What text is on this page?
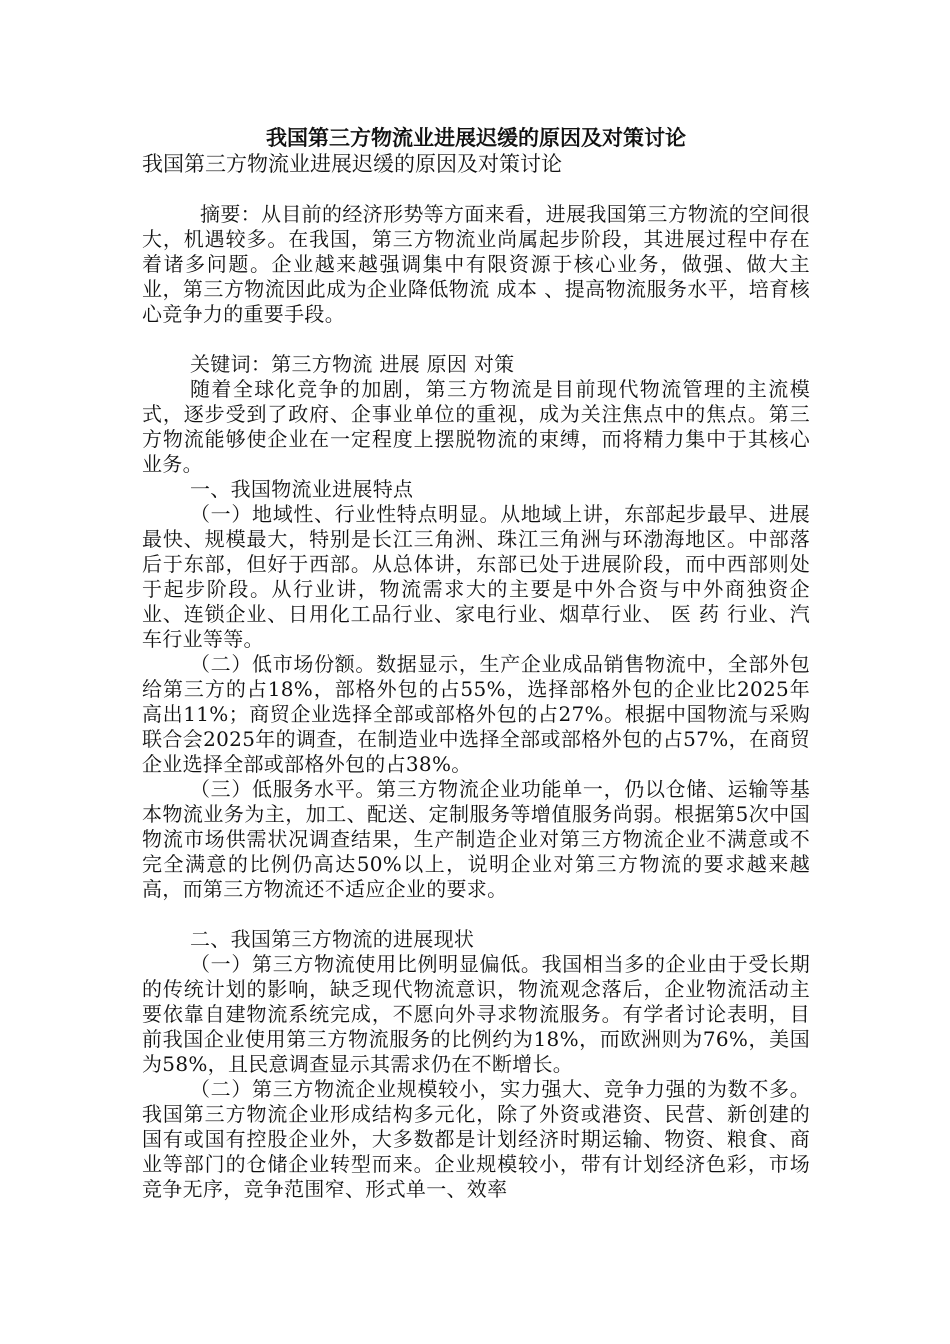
我国第三方物流业进展迟缓的原因及对策讨论
我国第三方物流业进展迟缓的原因及对策讨论

摘要：从目前的经济形势等方面来看，进展我国第三方物流的空间很大，机遇较多。在我国，第三方物流业尚属起步阶段，其进展过程中存在着诸多问题。企业越来越强调集中有限资源于核心业务，做强、做大主业，第三方物流因此成为企业降低物流 成本 、提高物流服务水平，培育核心竞争力的重要手段。

关键词：第三方物流 进展 原因 对策

随着全球化竞争的加剧，第三方物流是目前现代物流管理的主流模式，逐步受到了政府、企事业单位的重视，成为关注焦点中的焦点。第三方物流能够使企业在一定程度上摆脱物流的束缚，而将精力集中于其核心业务。

一、我国物流业进展特点

（一）地域性、行业性特点明显。从地域上讲，东部起步最早、进展最快、规模最大，特别是长江三角洲、珠江三角洲与环渤海地区。中部落后于东部，但好于西部。从总体讲，东部已处于进展阶段，而中西部则处于起步阶段。从行业讲，物流需求大的主要是中外合资与中外商独资企业、连锁企业、日用化工品行业、家电行业、烟草行业、 医 药 行业、汽车行业等等。

（二）低市场份额。数据显示，生产企业成品销售物流中，全部外包给第三方的占18%，部格外包的占55%，选择部格外包的企业比2025年高出11%；商贸企业选择全部或部格外包的占27%。根据中国物流与采购联合会2025年的调查，在制造业中选择全部或部格外包的占57%，在商贸企业选择全部或部格外包的占38%。

（三）低服务水平。第三方物流企业功能单一，仍以仓储、运输等基本物流业务为主，加工、配送、定制服务等增值服务尚弱。根据第5次中国物流市场供需状况调查结果，生产制造企业对第三方物流企业不满意或不完全满意的比例仍高达50%以上，说明企业对第三方物流的要求越来越高，而第三方物流还不适应企业的要求。

二、我国第三方物流的进展现状

（一）第三方物流使用比例明显偏低。我国相当多的企业由于受长期的传统计划的影响，缺乏现代物流意识，物流观念落后，企业物流活动主要依靠自建物流系统完成，不愿向外寻求物流服务。有学者讨论表明，目前我国企业使用第三方物流服务的比例约为18%，而欧洲则为76%，美国为58%，且民意调查显示其需求仍在不断增长。

（二）第三方物流企业规模较小，实力强大、竞争力强的为数不多。我国第三方物流企业形成结构多元化，除了外资或港资、民营、新创建的国有或国有控股企业外，大多数都是计划经济时期运输、物资、粮食、商业等部门的仓储企业转型而来。企业规模较小，带有计划经济色彩，市场竞争无序，竞争范围窄、形式单一、效率
